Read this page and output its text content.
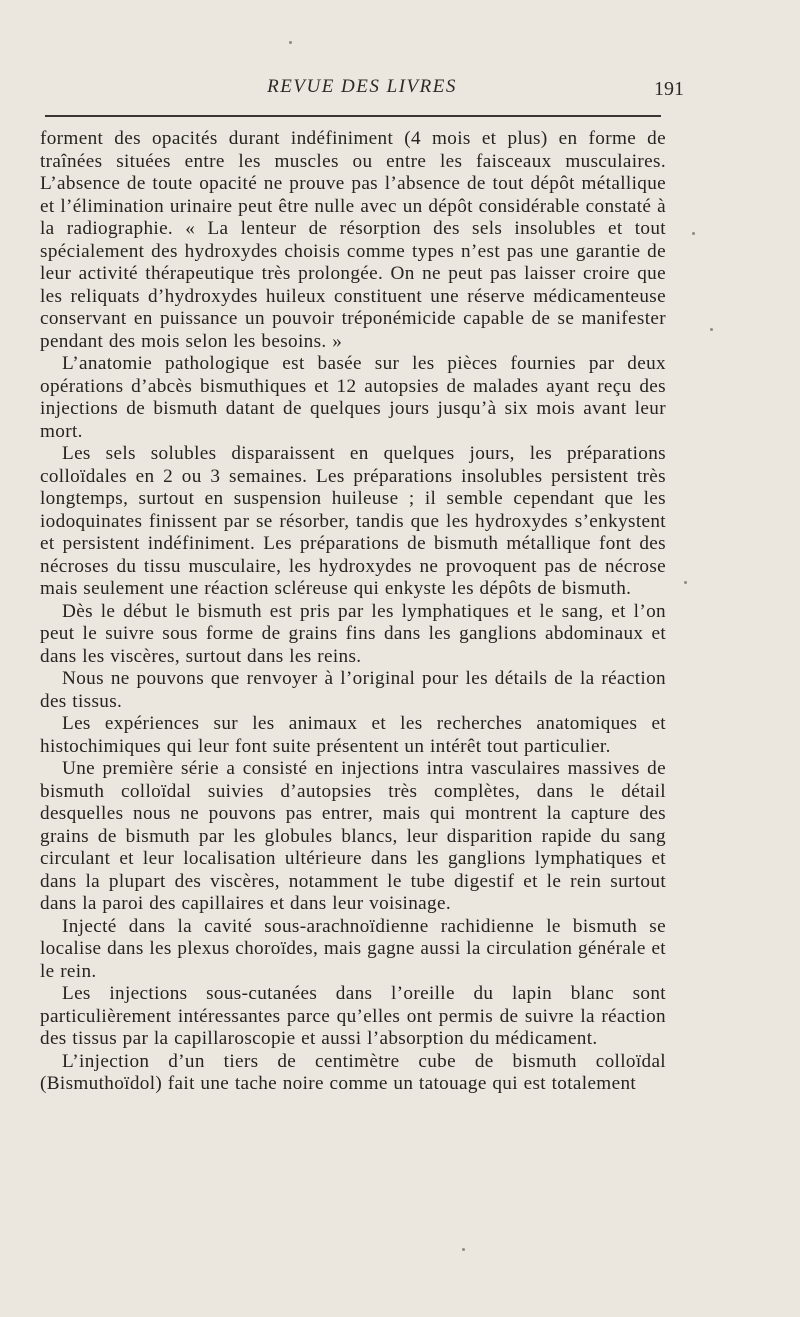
REVUE DES LIVRES	191

forment des opacités durant indéfiniment (4 mois et plus) en forme de traînées situées entre les muscles ou entre les faisceaux musculaires. L’absence de toute opacité ne prouve pas l’absence de tout dépôt métallique et l’élimination urinaire peut être nulle avec un dépôt considérable constaté à la radiographie. « La lenteur de résorption des sels insolubles et tout spécialement des hydroxydes choisis comme types n’est pas une garantie de leur activité thérapeutique très prolongée. On ne peut pas laisser croire que les reliquats d’hydroxydes huileux constituent une réserve médicamenteuse conservant en puissance un pouvoir tréponémicide capable de se manifester pendant des mois selon les besoins. »

L’anatomie pathologique est basée sur les pièces fournies par deux opérations d’abcès bismuthiques et 12 autopsies de malades ayant reçu des injections de bismuth datant de quelques jours jusqu’à six mois avant leur mort.

Les sels solubles disparaissent en quelques jours, les préparations colloïdales en 2 ou 3 semaines. Les préparations insolubles persistent très longtemps, surtout en suspension huileuse ; il semble cependant que les iodoquinates finissent par se résorber, tandis que les hydroxydes s’enkystent et persistent indéfiniment. Les préparations de bismuth métallique font des nécroses du tissu musculaire, les hydroxydes ne provoquent pas de nécrose mais seulement une réaction scléreuse qui enkyste les dépôts de bismuth.

Dès le début le bismuth est pris par les lymphatiques et le sang, et l’on peut le suivre sous forme de grains fins dans les ganglions abdominaux et dans les viscères, surtout dans les reins.

Nous ne pouvons que renvoyer à l’original pour les détails de la réaction des tissus.

Les expériences sur les animaux et les recherches anatomiques et histochimiques qui leur font suite présentent un intérêt tout particulier.

Une première série a consisté en injections intra vasculaires massives de bismuth colloïdal suivies d’autopsies très complètes, dans le détail desquelles nous ne pouvons pas entrer, mais qui montrent la capture des grains de bismuth par les globules blancs, leur disparition rapide du sang circulant et leur localisation ultérieure dans les ganglions lymphatiques et dans la plupart des viscères, notamment le tube digestif et le rein surtout dans la paroi des capillaires et dans leur voisinage.

Injecté dans la cavité sous-arachnoïdienne rachidienne le bismuth se localise dans les plexus choroïdes, mais gagne aussi la circulation générale et le rein.

Les injections sous-cutanées dans l’oreille du lapin blanc sont particulièrement intéressantes parce qu’elles ont permis de suivre la réaction des tissus par la capillaroscopie et aussi l’absorption du médicament.

L’injection d’un tiers de centimètre cube de bismuth colloïdal (Bismuthoïdol) fait une tache noire comme un tatouage qui est totalement
